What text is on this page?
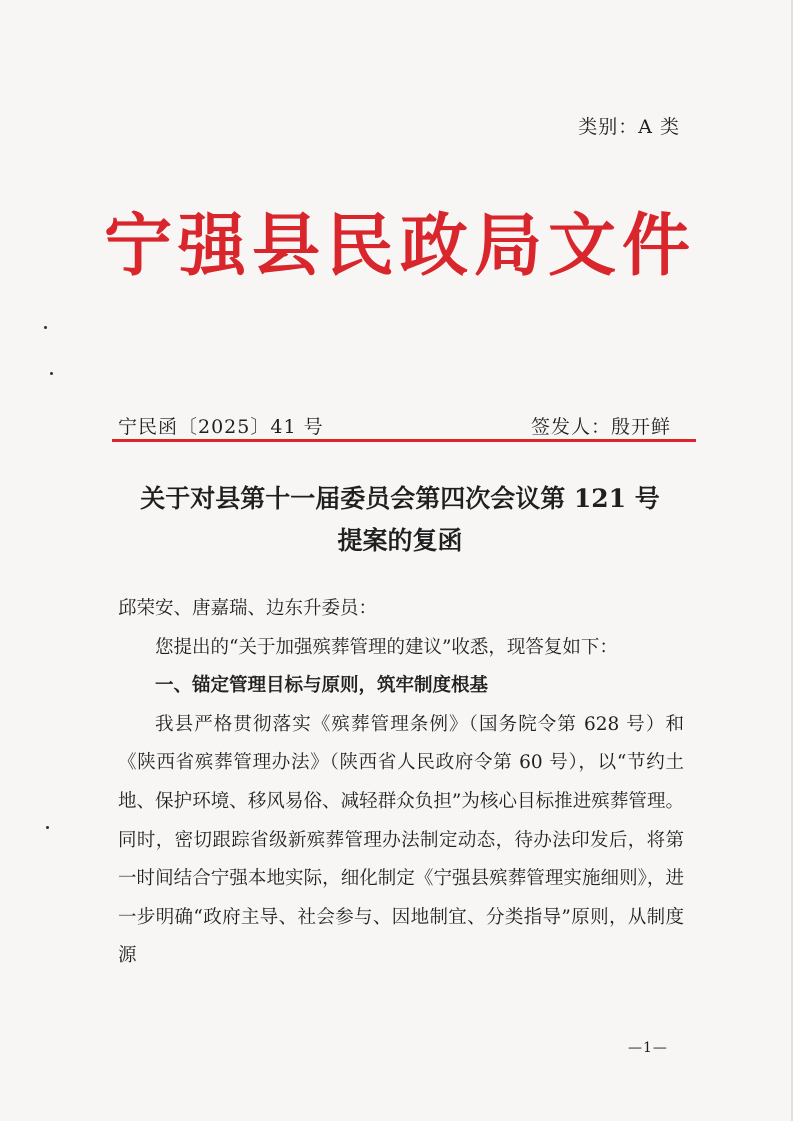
类别：A 类
宁强县民政局文件
宁民函〔2025〕41 号	签发人：殷开鲜
关于对县第十一届委员会第四次会议第 121 号
提案的复函

邱荣安、唐嘉瑞、边东升委员：

您提出的“关于加强殡葬管理的建议”收悉，现答复如下：

一、锚定管理目标与原则，筑牢制度根基

我县严格贯彻落实《殡葬管理条例》（国务院令第 628 号）和《陕西省殡葬管理办法》（陕西省人民政府令第 60 号），以“节约土地、保护环境、移风易俗、减轻群众负担”为核心目标推进殡葬管理。同时，密切跟踪省级新殡葬管理办法制定动态，待办法印发后，将第一时间结合宁强本地实际，细化制定《宁强县殡葬管理实施细则》，进一步明确“政府主导、社会参与、因地制宜、分类指导”原则，从制度源

—1—
